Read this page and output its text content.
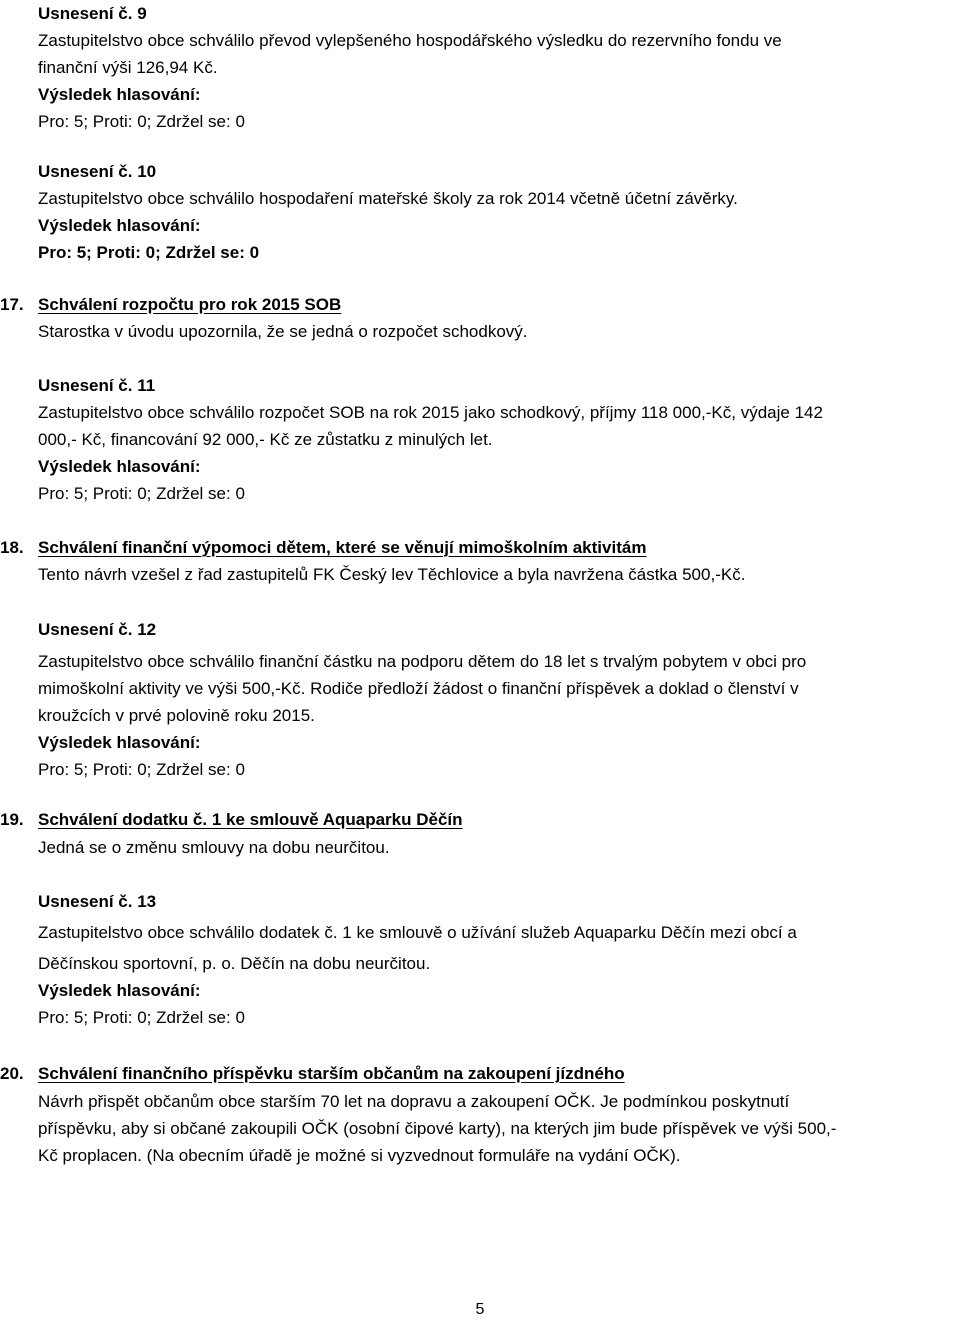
Usnesení č. 9
Zastupitelstvo obce schválilo převod vylepšeného hospodářského výsledku do rezervního fondu ve
finanční výši 126,94 Kč.
Výsledek hlasování:
Pro: 5; Proti: 0; Zdržel se: 0
Usnesení č. 10
Zastupitelstvo obce schválilo hospodaření mateřské školy za rok 2014 včetně účetní závěrky.
Výsledek hlasování:
Pro: 5; Proti: 0; Zdržel se: 0
17. Schválení rozpočtu pro rok 2015 SOB
Starostka v úvodu upozornila, že se jedná o rozpočet schodkový.
Usnesení č. 11
Zastupitelstvo obce schválilo rozpočet SOB na rok 2015 jako schodkový, příjmy 118 000,-Kč, výdaje 142
000,- Kč, financování 92 000,- Kč ze zůstatku z minulých let.
Výsledek hlasování:
Pro: 5; Proti: 0; Zdržel se: 0
18. Schválení finanční výpomoci dětem, které se věnují mimoškolním aktivitám
Tento návrh vzešel z řad zastupitelů FK Český lev Těchlovice a byla navržena částka 500,-Kč.
Usnesení č. 12
Zastupitelstvo obce schválilo finanční částku na podporu dětem do 18 let s trvalým pobytem v obci pro
mimoškolní aktivity ve výši 500,-Kč. Rodiče předloží žádost o finanční příspěvek a doklad o členství v
kroužcích v prvé polovině roku 2015.
Výsledek hlasování:
Pro: 5; Proti: 0; Zdržel se: 0
19. Schválení dodatku č. 1 ke smlouvě Aquaparku Děčín
Jedná se o změnu smlouvy na dobu neurčitou.
Usnesení č. 13
Zastupitelstvo obce schválilo dodatek č. 1 ke smlouvě o užívání služeb Aquaparku Děčín mezi obcí a
Děčínskou sportovní, p. o. Děčín na dobu neurčitou.
Výsledek hlasování:
Pro: 5; Proti: 0; Zdržel se: 0
20. Schválení finančního příspěvku starším občanům na zakoupení jízdného
Návrh přispět občanům obce starším 70 let na dopravu a zakoupení OČK. Je podmínkou poskytnutí
příspěvku, aby si občané zakoupili OČK (osobní čipové karty), na kterých jim bude příspěvek ve výši 500,-
Kč proplacen. (Na obecním úřadě je možné si vyzvednout formuláře na vydání OČK).
5
